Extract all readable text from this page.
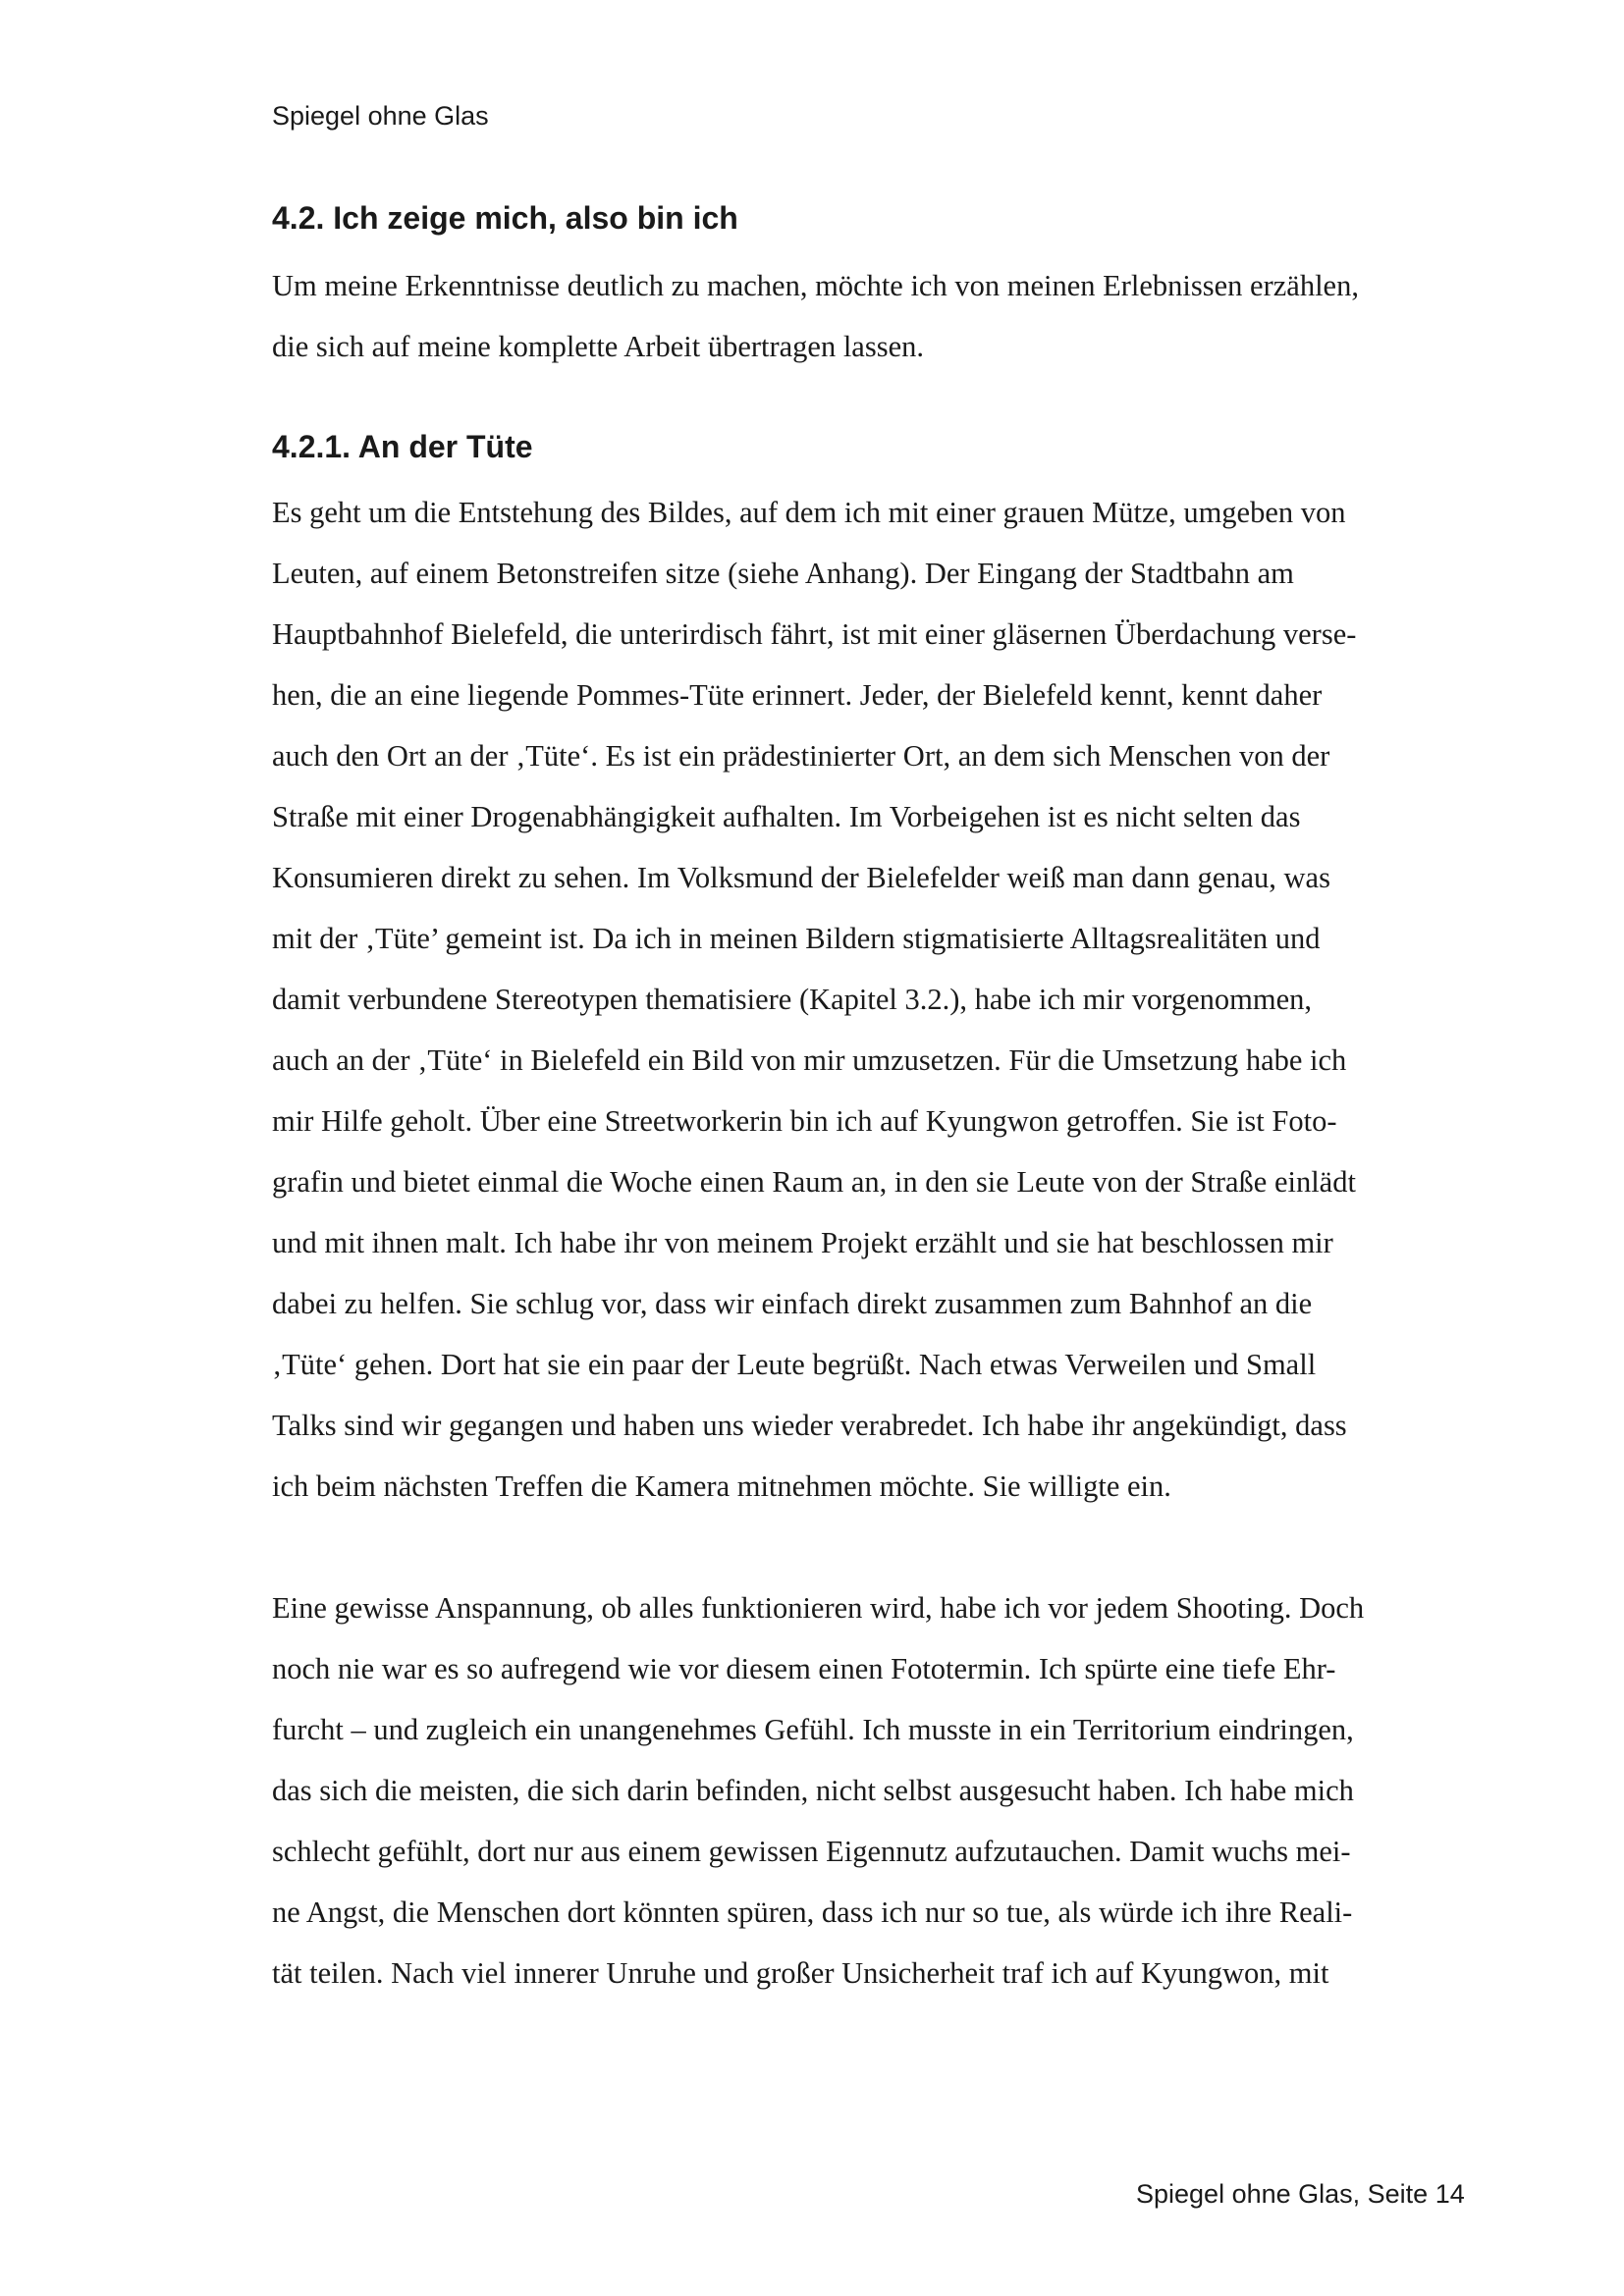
Spiegel ohne Glas

4.2. Ich zeige mich, also bin ich

Um meine Erkenntnisse deutlich zu machen, möchte ich von meinen Erlebnissen erzählen,
die sich auf meine komplette Arbeit übertragen lassen.

4.2.1. An der Tüte

Es geht um die Entstehung des Bildes, auf dem ich mit einer grauen Mütze, umgeben von
Leuten, auf einem Betonstreifen sitze (siehe Anhang). Der Eingang der Stadtbahn am
Hauptbahnhof Bielefeld, die unterirdisch fährt, ist mit einer gläsernen Überdachung verse-
hen, die an eine liegende Pommes-Tüte erinnert. Jeder, der Bielefeld kennt, kennt daher
auch den Ort an der ‚Tüte‘. Es ist ein prädestinierter Ort, an dem sich Menschen von der
Straße mit einer Drogenabhängigkeit aufhalten. Im Vorbeigehen ist es nicht selten das
Konsumieren direkt zu sehen. Im Volksmund der Bielefelder weiß man dann genau, was
mit der ‚Tüte’ gemeint ist. Da ich in meinen Bildern stigmatisierte Alltagsrealitäten und
damit verbundene Stereotypen thematisiere (Kapitel 3.2.), habe ich mir vorgenommen,
auch an der ‚Tüte‘ in Bielefeld ein Bild von mir umzusetzen. Für die Umsetzung habe ich
mir Hilfe geholt. Über eine Streetworkerin bin ich auf Kyungwon getroffen. Sie ist Foto-
grafin und bietet einmal die Woche einen Raum an, in den sie Leute von der Straße einlädt
und mit ihnen malt. Ich habe ihr von meinem Projekt erzählt und sie hat beschlossen mir
dabei zu helfen. Sie schlug vor, dass wir einfach direkt zusammen zum Bahnhof an die
‚Tüte‘ gehen. Dort hat sie ein paar der Leute begrüßt. Nach etwas Verweilen und Small
Talks sind wir gegangen und haben uns wieder verabredet. Ich habe ihr angekündigt, dass
ich beim nächsten Treffen die Kamera mitnehmen möchte. Sie willigte ein.

Eine gewisse Anspannung, ob alles funktionieren wird, habe ich vor jedem Shooting. Doch
noch nie war es so aufregend wie vor diesem einen Fototermin. Ich spürte eine tiefe Ehr-
furcht – und zugleich ein unangenehmes Gefühl. Ich musste in ein Territorium eindringen,
das sich die meisten, die sich darin befinden, nicht selbst ausgesucht haben. Ich habe mich
schlecht gefühlt, dort nur aus einem gewissen Eigennutz aufzutauchen. Damit wuchs mei-
ne Angst, die Menschen dort könnten spüren, dass ich nur so tue, als würde ich ihre Reali-
tät teilen. Nach viel innerer Unruhe und großer Unsicherheit traf ich auf Kyungwon, mit

Spiegel ohne Glas, Seite 14
